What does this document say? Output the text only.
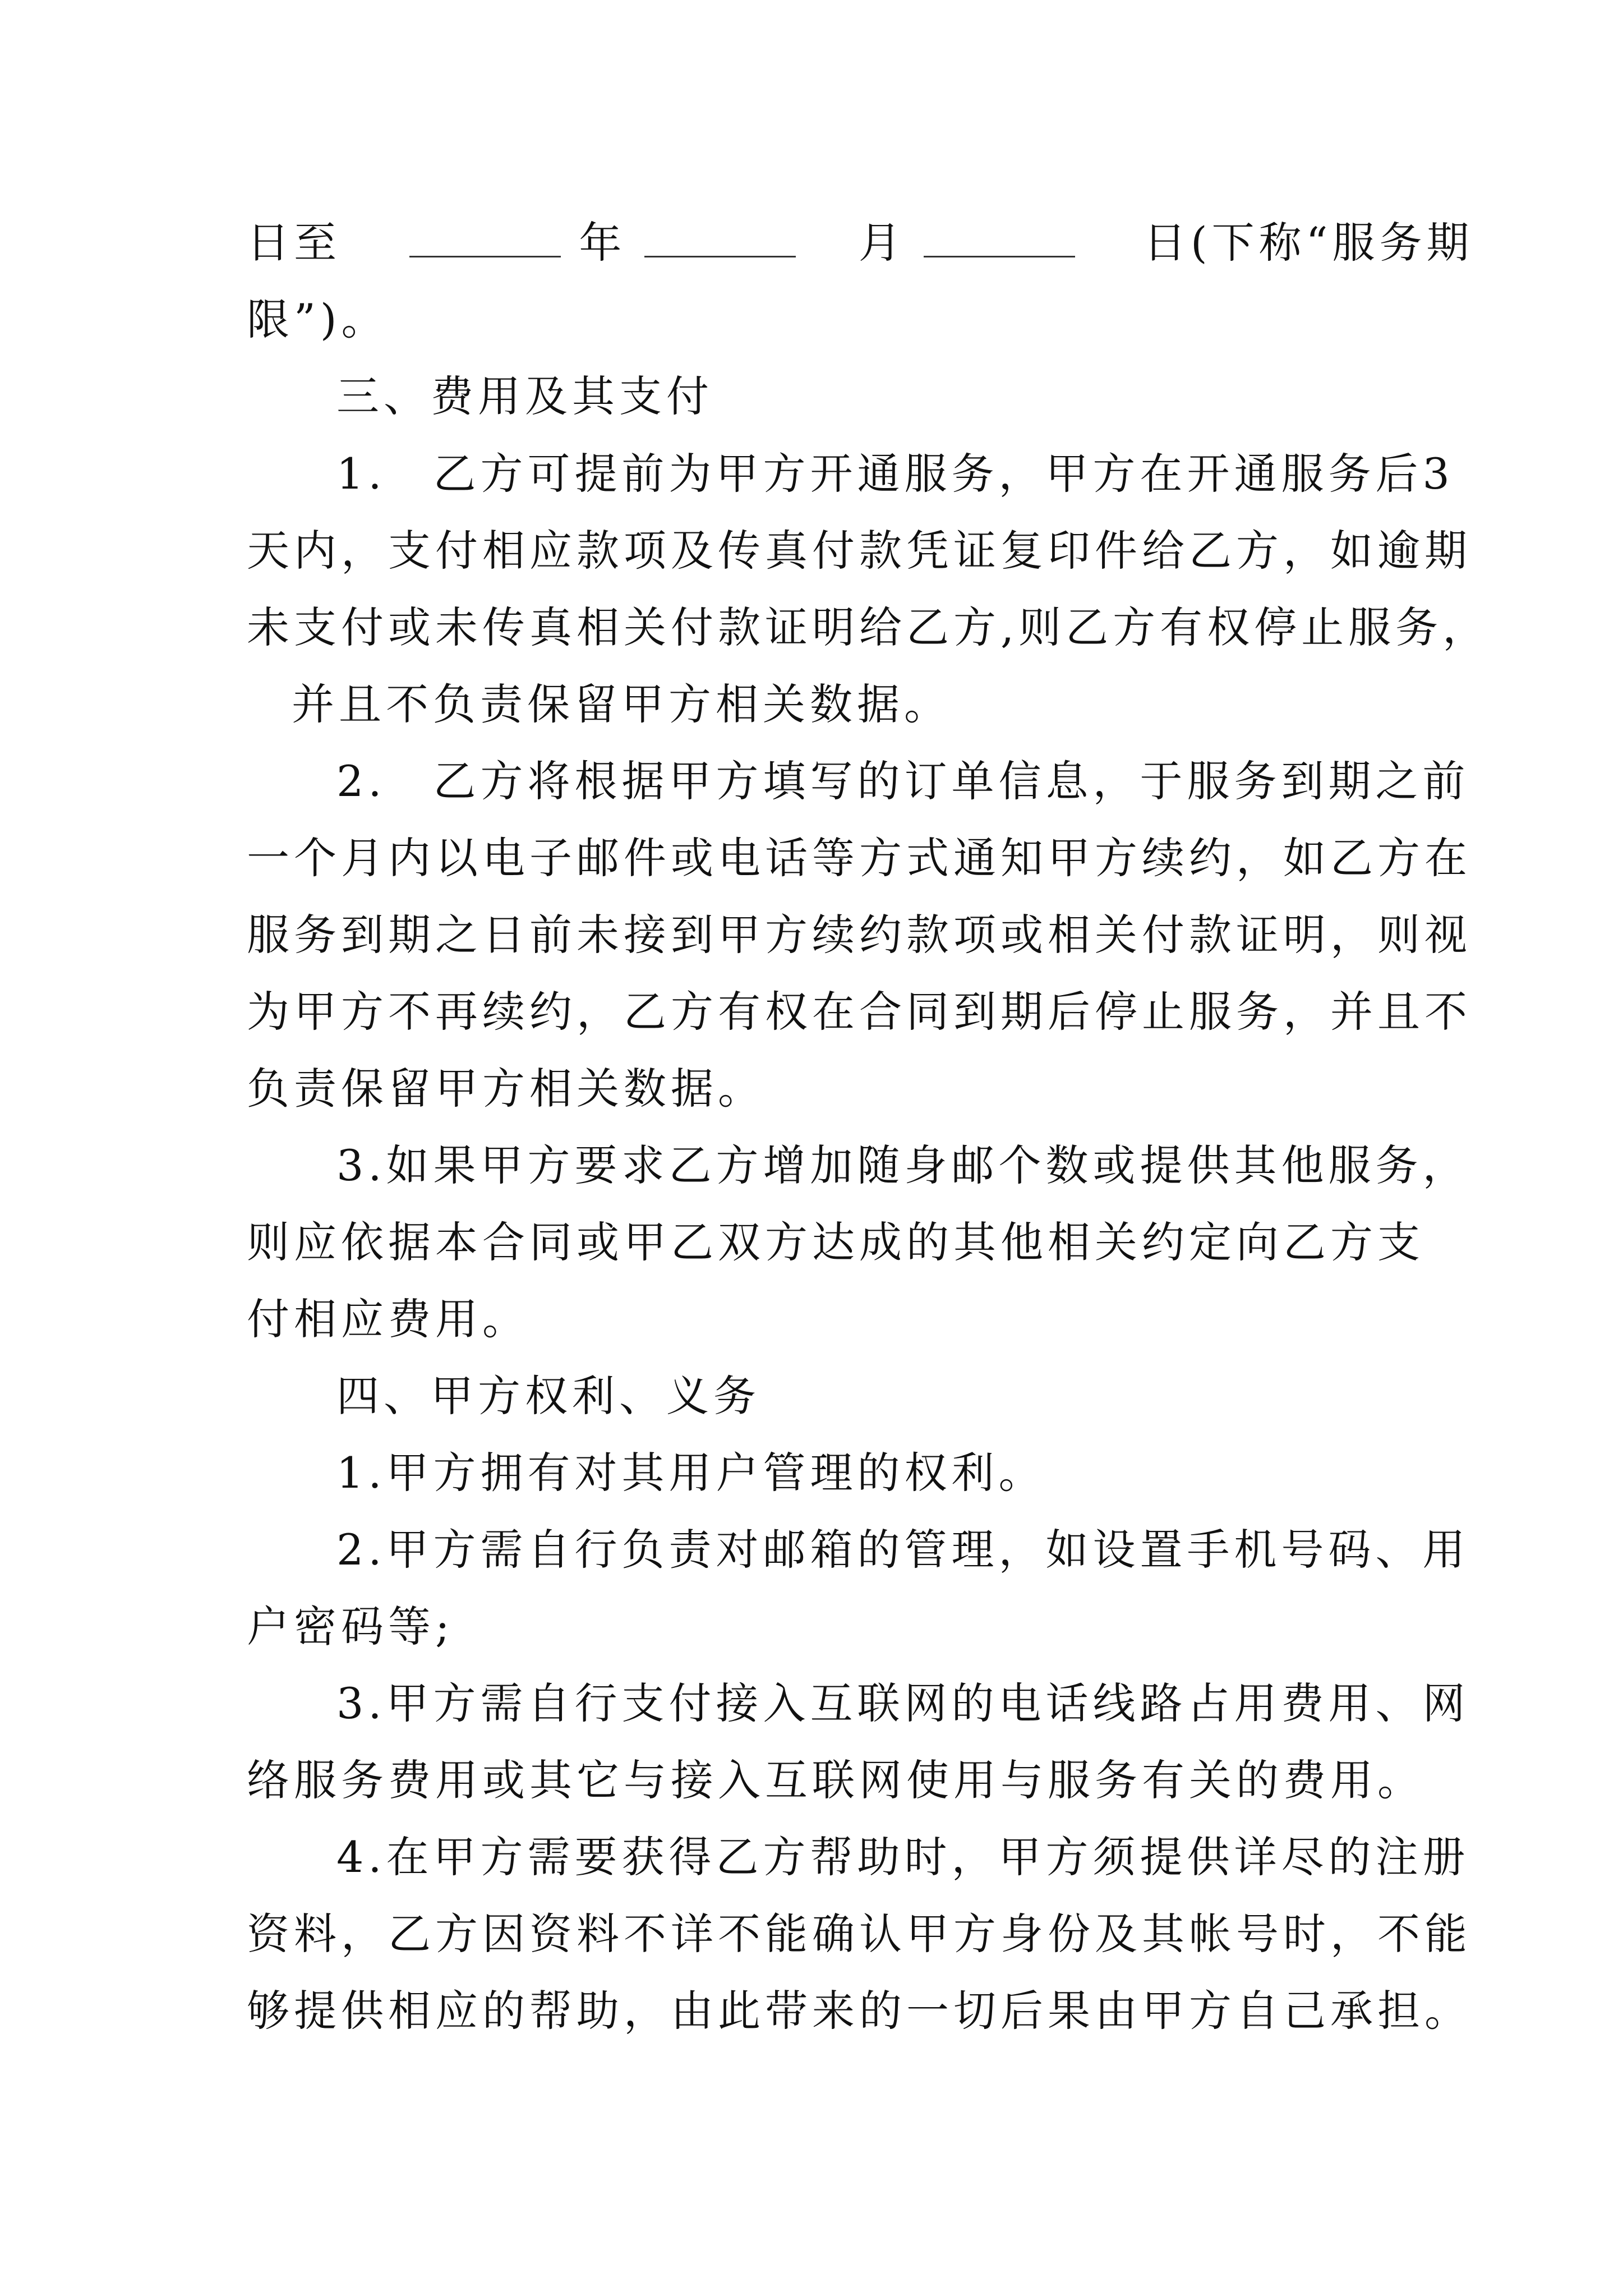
日至	年	月	日(下称“服务期
限”)。
三、费用及其支付
1.　乙方可提前为甲方开通服务，甲方在开通服务后3
天内，支付相应款项及传真付款凭证复印件给乙方，如逾期
未支付或未传真相关付款证明给乙方,则乙方有权停止服务，
并且不负责保留甲方相关数据。
2.　乙方将根据甲方填写的订单信息，于服务到期之前
一个月内以电子邮件或电话等方式通知甲方续约，如乙方在
服务到期之日前未接到甲方续约款项或相关付款证明，则视
为甲方不再续约，乙方有权在合同到期后停止服务，并且不
负责保留甲方相关数据。
3.如果甲方要求乙方增加随身邮个数或提供其他服务，
则应依据本合同或甲乙双方达成的其他相关约定向乙方支
付相应费用。
四、甲方权利、义务
1.甲方拥有对其用户管理的权利。
2.甲方需自行负责对邮箱的管理，如设置手机号码、用
户密码等;
3.甲方需自行支付接入互联网的电话线路占用费用、网
络服务费用或其它与接入互联网使用与服务有关的费用。
4.在甲方需要获得乙方帮助时，甲方须提供详尽的注册
资料，乙方因资料不详不能确认甲方身份及其帐号时，不能
够提供相应的帮助，由此带来的一切后果由甲方自己承担。
